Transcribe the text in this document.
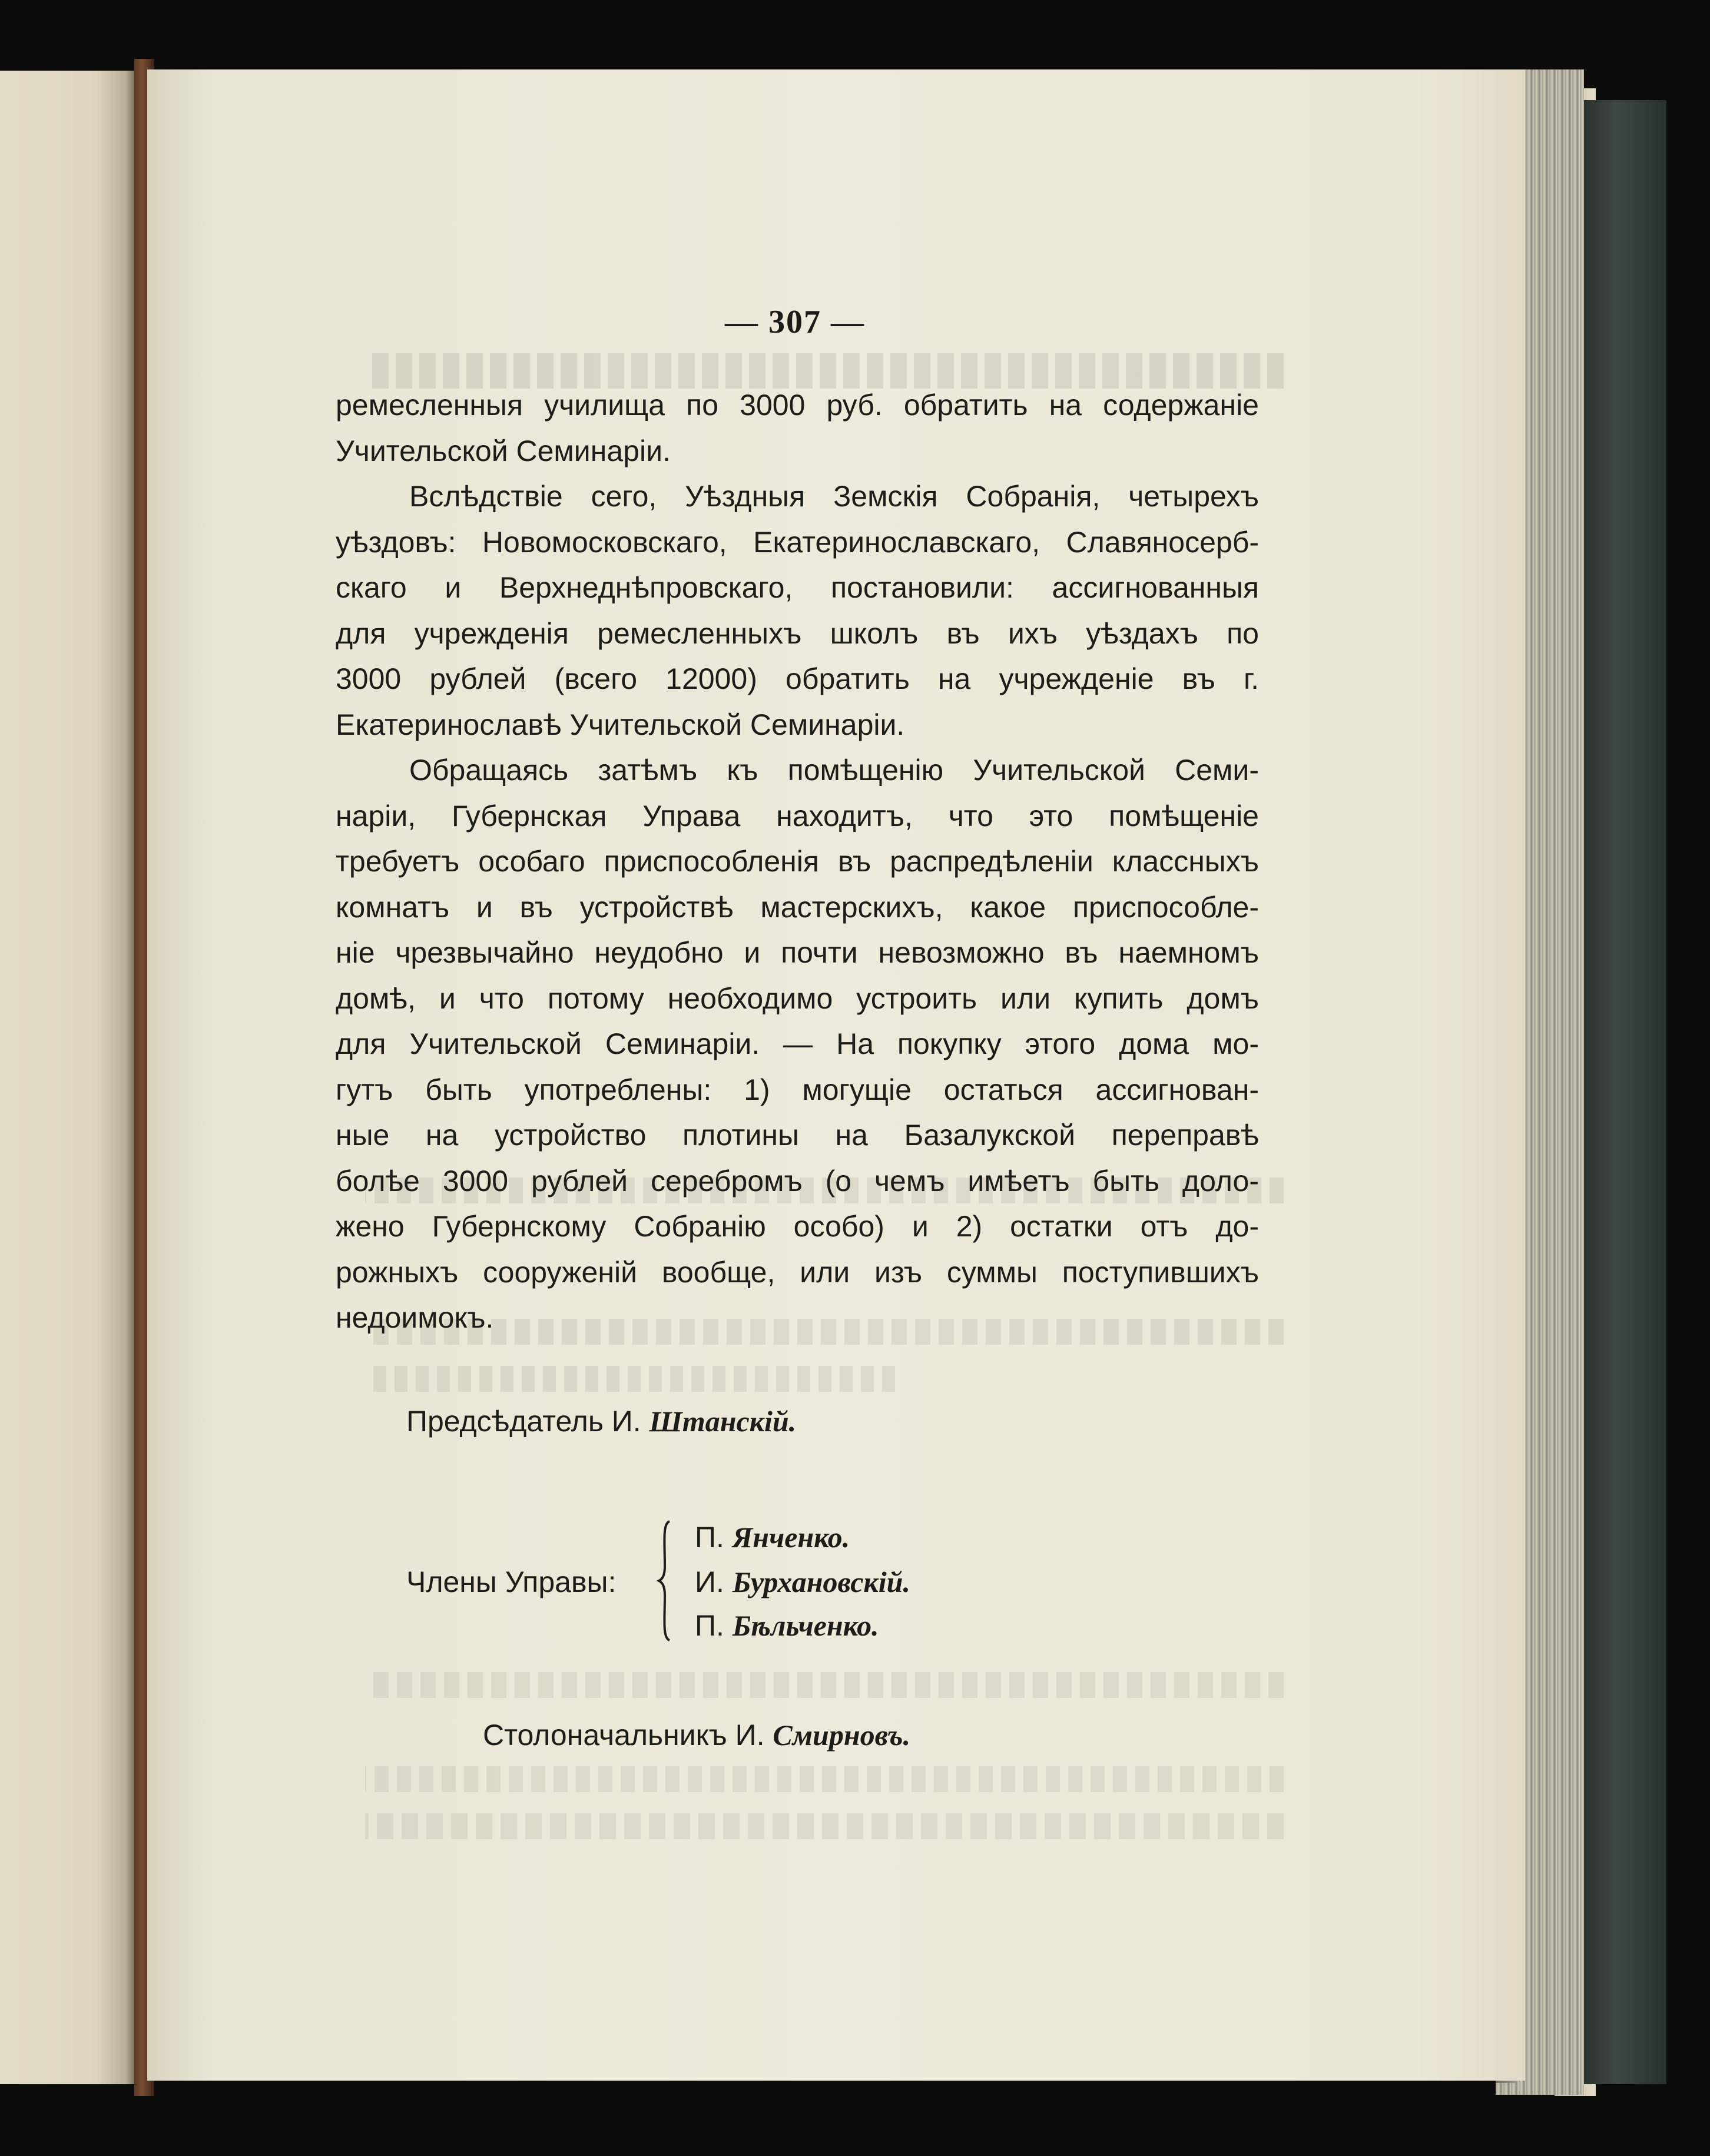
— 307 —
ремесленныя училища по 3000 руб. обратить на содержаніе
Учительской Семинаріи.
Вслѣдствіе сего, Уѣздныя Земскія Собранія, четырехъ
уѣздовъ: Новомосковскаго, Екатеринославскаго, Славяносерб-
скаго и Верхнеднѣпровскаго, постановили: ассигнованныя
для учрежденія ремесленныхъ школъ въ ихъ уѣздахъ по
3000 рублей (всего 12000) обратить на учрежденіе въ г.
Екатеринославѣ Учительской Семинаріи.
Обращаясь затѣмъ къ помѣщенію Учительской Семи-
наріи, Губернская Управа находитъ, что это помѣщеніе
требуетъ особаго приспособленія въ распредѣленіи классныхъ
комнатъ и въ устройствѣ мастерскихъ, какое приспособле-
ніе чрезвычайно неудобно и почти невозможно въ наемномъ
домѣ, и что потому необходимо устроить или купить домъ
для Учительской Семинаріи. — На покупку этого дома мо-
гутъ быть употреблены: 1) могущіе остаться ассигнован-
ные на устройство плотины на Базалукской переправѣ
болѣе 3000 рублей серебромъ (о чемъ имѣетъ быть доло-
жено Губернскому Собранію особо) и 2) остатки отъ до-
рожныхъ сооруженій вообще, или изъ суммы поступившихъ
недоимокъ.
Предсѣдатель И. Штанскій.
Члены Управы:
П. Янченко.
И. Бурхановскій.
П. Бѣльченко.
Столоначальникъ И. Смирновъ.
